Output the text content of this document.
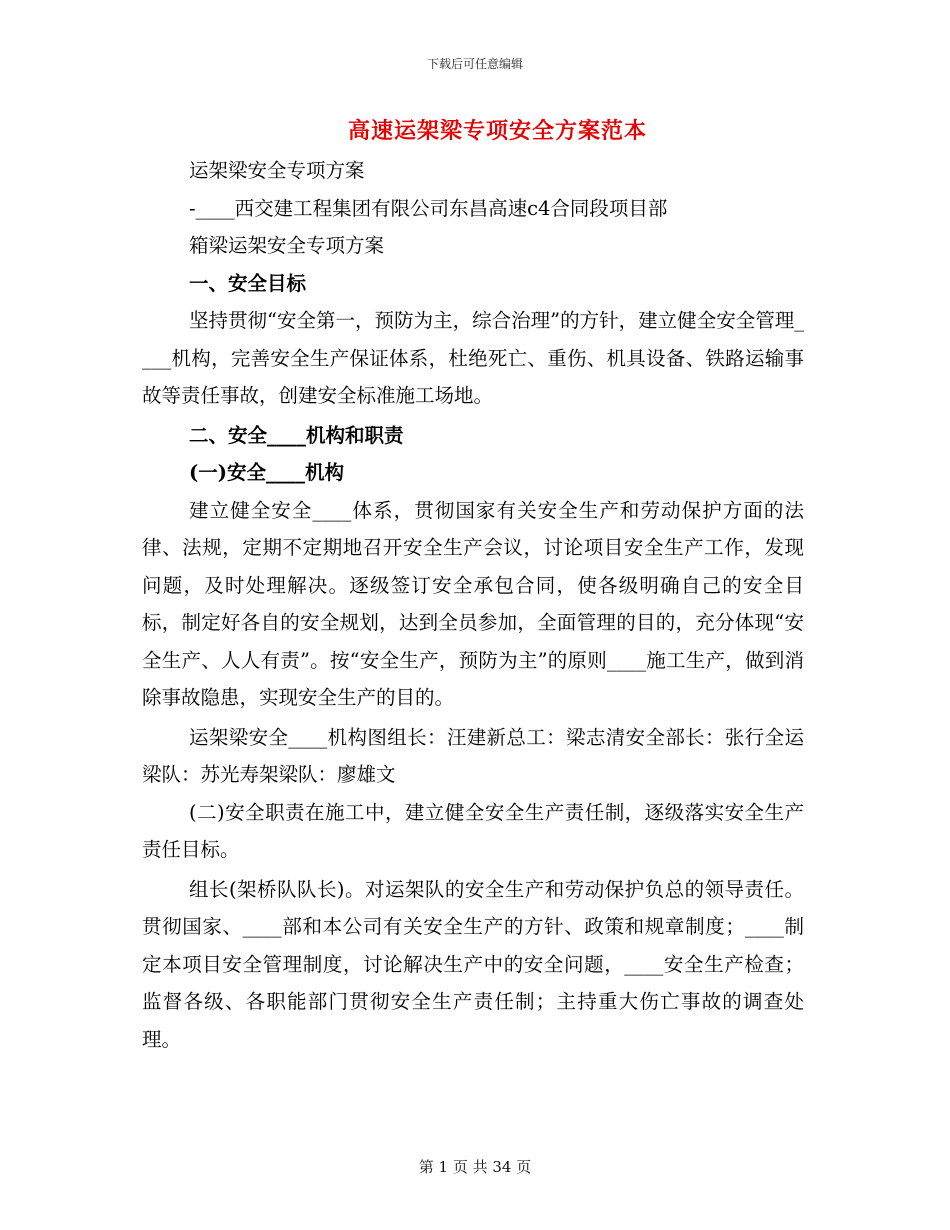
下载后可任意编辑
高速运架梁专项安全方案范本

运架梁安全专项方案

-____西交建工程集团有限公司东昌高速c4合同段项目部

箱梁运架安全专项方案

一、安全目标

坚持贯彻“安全第一，预防为主，综合治理”的方针，建立健全安全管理____机构，完善安全生产保证体系，杜绝死亡、重伤、机具设备、铁路运输事故等责任事故，创建安全标准施工场地。

二、安全____机构和职责

(一)安全____机构

建立健全安全____体系，贯彻国家有关安全生产和劳动保护方面的法律、法规，定期不定期地召开安全生产会议，讨论项目安全生产工作，发现问题，及时处理解决。逐级签订安全承包合同，使各级明确自己的安全目标，制定好各自的安全规划，达到全员参加，全面管理的目的，充分体现“安全生产、人人有责”。按“安全生产，预防为主”的原则____施工生产，做到消除事故隐患，实现安全生产的目的。

运架梁安全____机构图组长：汪建新总工：梁志清安全部长：张行全运梁队：苏光寿架梁队：廖雄文

(二)安全职责在施工中，建立健全安全生产责任制，逐级落实安全生产责任目标。

组长(架桥队队长)。对运架队的安全生产和劳动保护负总的领导责任。贯彻国家、____部和本公司有关安全生产的方针、政策和规章制度；____制定本项目安全管理制度，讨论解决生产中的安全问题，____安全生产检查；监督各级、各职能部门贯彻安全生产责任制；主持重大伤亡事故的调查处理。

第 1 页 共 34 页
